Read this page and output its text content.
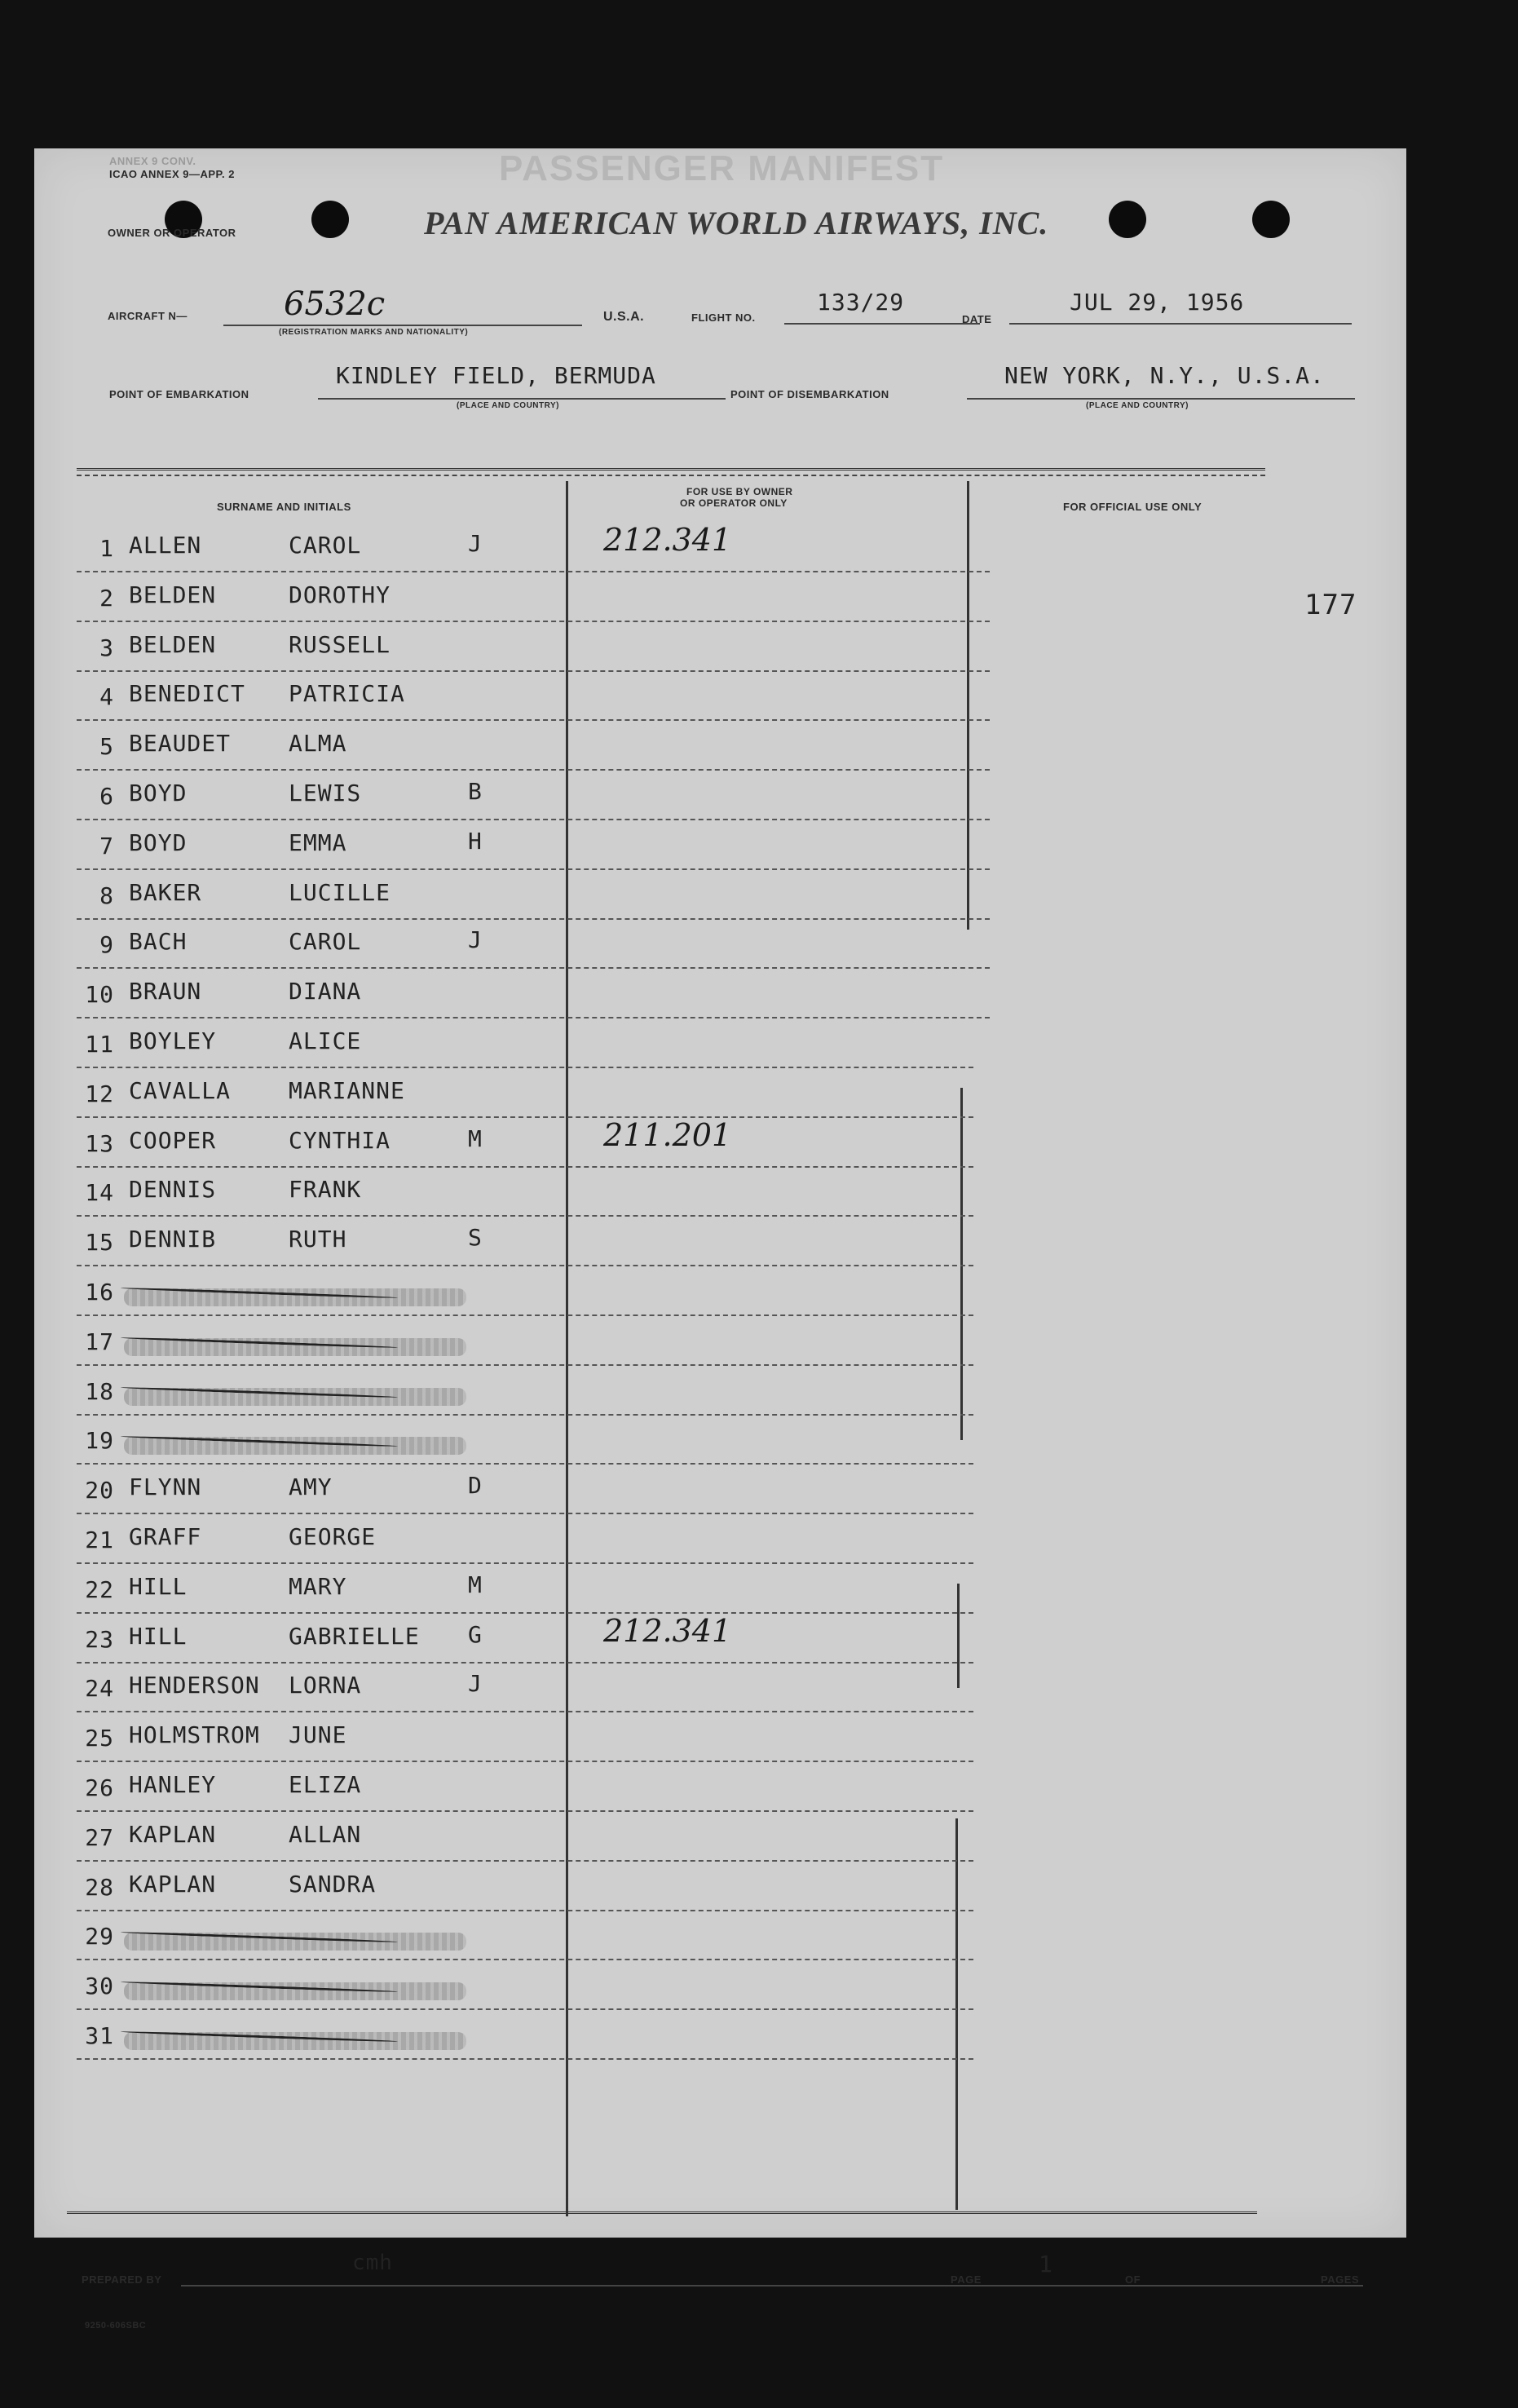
ANNEX 9 CONV.
ICAO ANNEX 9—APP. 2	PASSENGER MANIFEST
OWNER OR OPERATOR	PAN AMERICAN WORLD AIRWAYS, INC.
AIRCRAFT N—	6532c
(REGISTRATION MARKS AND NATIONALITY)
U.S.A.	FLIGHT NO.
133/29
DATE
JUL 29, 1956
POINT OF EMBARKATION
KINDLEY FIELD, BERMUDA
(PLACE AND COUNTRY)
POINT OF DISEMBARKATION
NEW YORK, N.Y., U.S.A.
(PLACE AND COUNTRY)
SURNAME AND INITIALS
FOR USE BY OWNER
OR OPERATOR ONLY	FOR OFFICIAL USE ONLY
177
1 ALLEN	CAROL	J	212.341
2 BELDEN	DOROTHY
3 BELDEN	RUSSELL
4 BENEDICT PATRICIA
5 BEAUDET	ALMA
6 BOYD	LEWIS	B
7 BOYD	EMMA	H
8 BAKER	LUCILLE
9 BACH	CAROL	J
10 BRAUN	DIANA
11 BOYLEY	ALICE
12 CAVALLA	MARIANNE
13 COOPER	CYNTHIA	M	211.201
14 DENNIS	FRANK
15 DENNIB	RUTH	S
16
17
18
19
20 FLYNN	AMY	D
21 GRAFF	GEORGE
22 HILL	MARY	M
23 HILL	GABRIELLE G	212.341
24 HENDERSON LORNA	J
25 HOLMSTROM JUNE
26 HANLEY	ELIZA
27 KAPLAN	ALLAN
28 KAPLAN	SANDRA
29
30
31
PREPARED BY
cmh
PAGE
1
OF	PAGES
9250-606SBC
